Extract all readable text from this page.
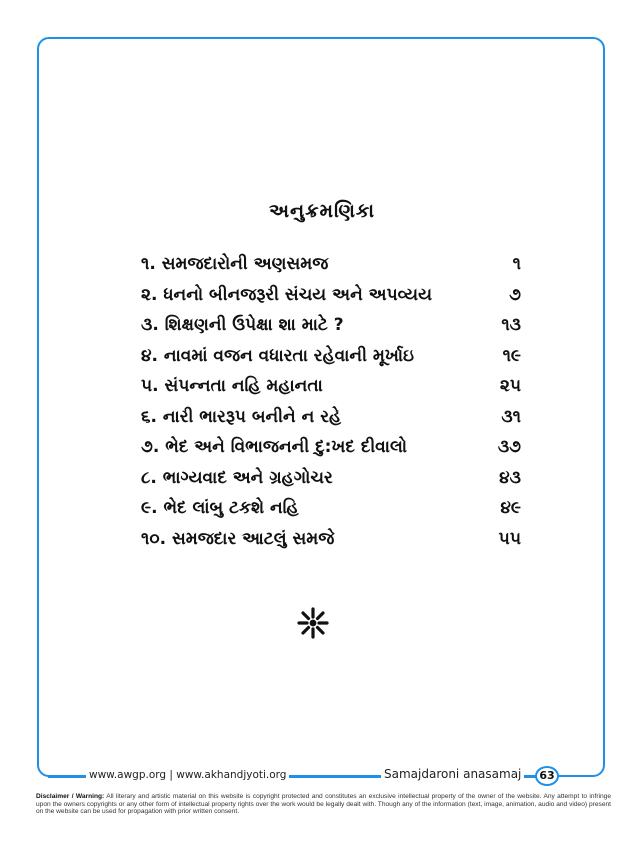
અનુક્રમણિકા
૧. સમજદારોની અણસમજ	૧
૨. ધનનો બીનજરૂરી સંચય અને અપવ્યય	૭
૩. શિક્ષણની ઉપેક્ષા શા માટે ?	૧૩
૪. નાવમાં વજન વધારતા રહેવાની મૂર્ખાઇ	૧૯
૫. સંપન્નતા નહિ મહાનતા	૨૫
૬. નારી ભારરૂપ બનીને ન રહે	૩૧
૭. ભેદ અને વિભાજનની દુ:ખદ દીવાલો	૩૭
૮. ભાગ્યવાદ અને ગ્રહગોચર	૪૩
૯. ભેદ લાંબુ ટકશે નહિ	૪૯
૧૦. સમજદાર આટલું સમજે	૫૫
www.awgp.org | www.akhandjyoti.org	Samajdaroni anasamaj	63
Disclaimer / Warning: All literary and artistic material on this website is copyright protected and constitutes an exclusive intellectual property of the owner of the website. Any attempt to infringe upon the owners copyrights or any other form of intellectual property rights over the work would be legally dealt with. Though any of the information (text, image, animation, audio and video) present on the website can be used for propagation with prior written consent.
